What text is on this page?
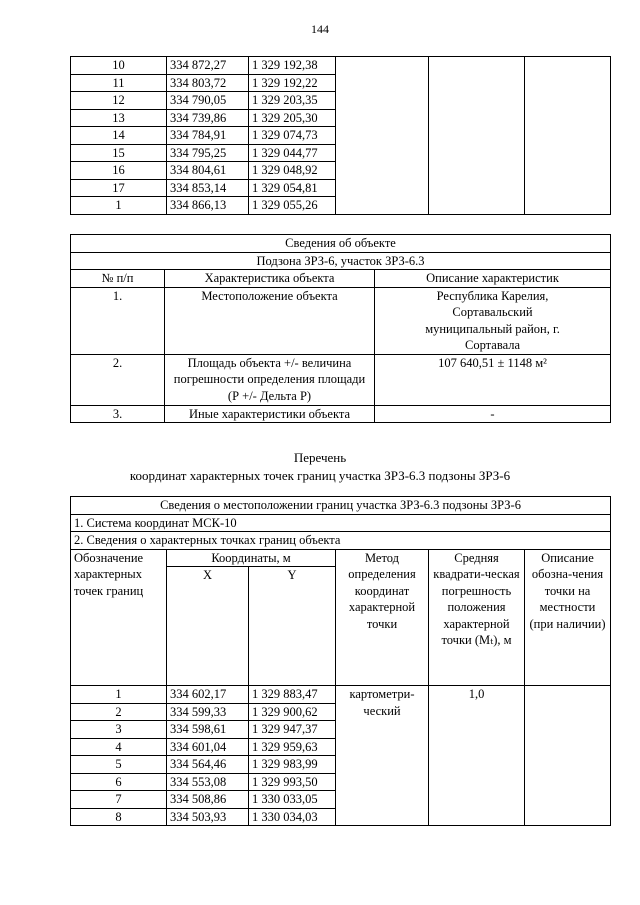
144
10	334 872,27	1 329 192,38			
11	334 803,72	1 329 192,22			
12	334 790,05	1 329 203,35			
13	334 739,86	1 329 205,30			
14	334 784,91	1 329 074,73			
15	334 795,25	1 329 044,77			
16	334 804,61	1 329 048,92			
17	334 853,14	1 329 054,81			
1	334 866,13	1 329 055,26			
Сведения об объекте		
Подзона ЗРЗ-6, участок ЗРЗ-6.3		
№ п/п	Характеристика объекта	Описание характеристик
1.	Местоположение объекта	Республика Карелия, Сортавальский муниципальный район, г. Сортавала
2.	Площадь объекта +/- величина погрешности определения площади (Р +/- Дельта Р)	107 640,51 ± 1148 м²
3.	Иные характеристики объекта	-
Перечень
координат характерных точек границ участка ЗРЗ-6.3 подзоны ЗРЗ-6
Сведения о местоположении границ участка ЗРЗ-6.3 подзоны ЗРЗ-6					
1. Система координат МСК-10					
2. Сведения о характерных точках границ объекта					
Обозначение характерных точек границ	Координаты, м		Метод определения координат характерной точки	Средняя квадрати-ческая погрешность положения характерной точки (Mₜ), м	Описание обозна-чения точки на местности (при наличии)
	X	Y			
1	334 602,17	1 329 883,47	картометри-ческий	1,0	
2	334 599,33	1 329 900,62			
3	334 598,61	1 329 947,37			
4	334 601,04	1 329 959,63			
5	334 564,46	1 329 983,99			
6	334 553,08	1 329 993,50			
7	334 508,86	1 330 033,05			
8	334 503,93	1 330 034,03			
